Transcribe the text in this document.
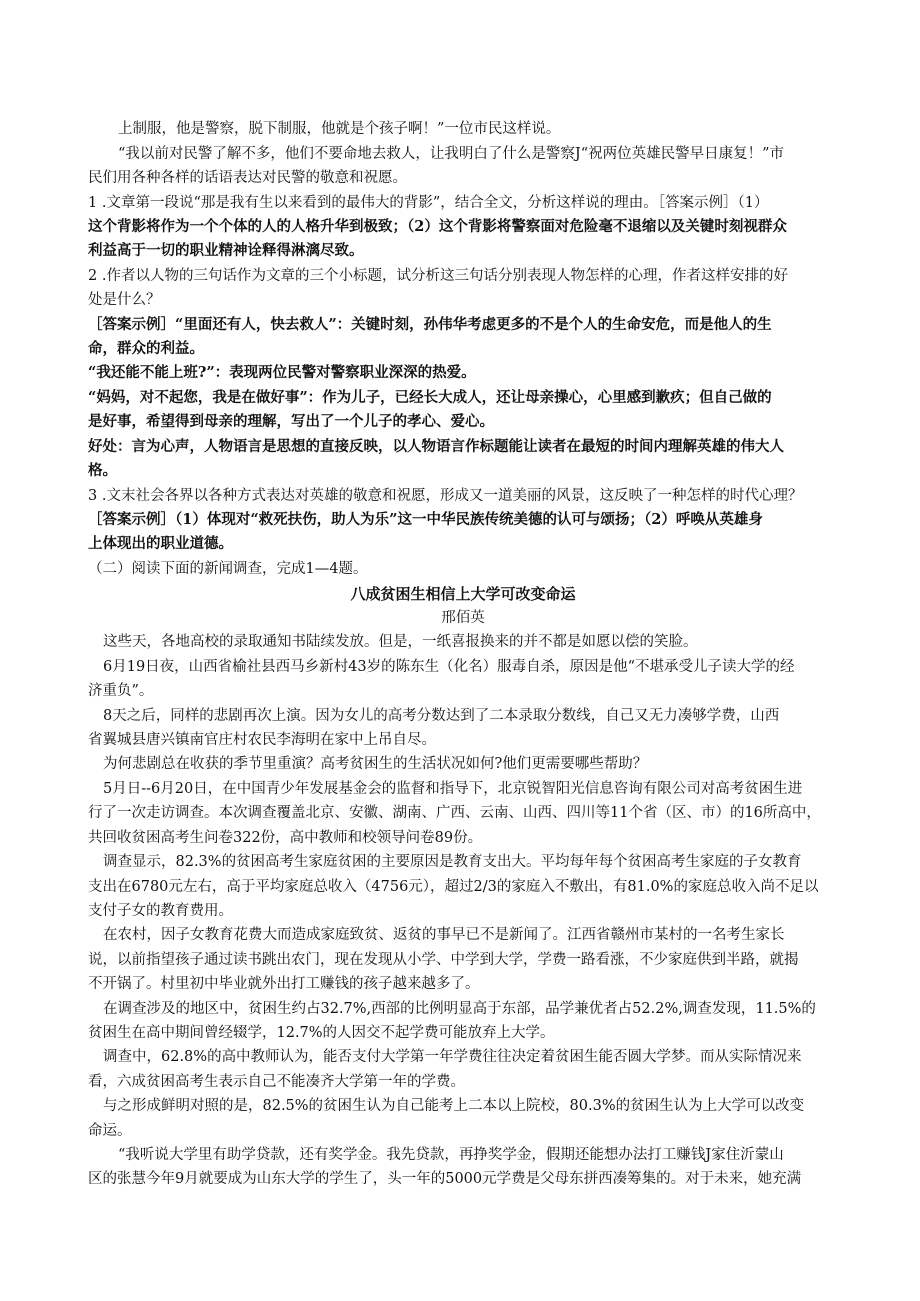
上制服，他是警察，脱下制服，他就是个孩子啊！”一位市民这样说。
“我以前对民警了解不多，他们不要命地去救人，让我明白了什么是警察J“祝两位英雄民警早日康复！”市
民们用各种各样的话语表达对民警的敬意和祝愿。
1 .文章第一段说“那是我有生以来看到的最伟大的背影”，结合全文，分析这样说的理由。［答案示例］（1）
这个背影将作为一个个体的人的人格升华到极致；（2）这个背影将警察面对危险毫不退缩以及关键时刻视群众
利益高于一切的职业精神诠释得淋漓尽致。
2 .作者以人物的三句话作为文章的三个小标题，试分析这三句话分别表现人物怎样的心理，作者这样安排的好
处是什么？
［答案示例］“里面还有人，快去救人”：关键时刻，孙伟华考虑更多的不是个人的生命安危，而是他人的生
命，群众的利益。
“我还能不能上班?”：表现两位民警对警察职业深深的热爱。
“妈妈，对不起您，我是在做好事”：作为儿子，已经长大成人，还让母亲操心，心里感到歉疚；但自己做的
是好事，希望得到母亲的理解，写出了一个儿子的孝心、爱心。
好处：言为心声，人物语言是思想的直接反映，以人物语言作标题能让读者在最短的时间内理解英雄的伟大人
格。
3 .文末社会各界以各种方式表达对英雄的敬意和祝愿，形成又一道美丽的风景，这反映了一种怎样的时代心理？
［答案示例］（1）体现对“救死扶伤，助人为乐”这一中华民族传统美德的认可与颂扬；（2）呼唤从英雄身
上体现出的职业道德。
（二）阅读下面的新闻调查，完成1—4题。
八成贫困生相信上大学可改变命运
邢佰英
这些天，各地高校的录取通知书陆续发放。但是，一纸喜报换来的并不都是如愿以偿的笑脸。
6月19日夜，山西省榆社县西马乡新村43岁的陈东生（化名）服毒自杀，原因是他“不堪承受儿子读大学的经
济重负”。
8天之后，同样的悲剧再次上演。因为女儿的高考分数达到了二本录取分数线，自己又无力凑够学费，山西
省翼城县唐兴镇南官庄村农民李海明在家中上吊自尽。
为何悲剧总在收获的季节里重演？高考贫困生的生活状况如何?他们更需要哪些帮助？
5月日--6月20日，在中国青少年发展基金会的监督和指导下，北京锐智阳光信息咨询有限公司对高考贫困生进
行了一次走访调查。本次调查覆盖北京、安徽、湖南、广西、云南、山西、四川等11个省（区、市）的16所高中，
共回收贫困高考生问卷322份，高中教师和校领导问卷89份。
调查显示，82.3%的贫困高考生家庭贫困的主要原因是教育支出大。平均每年每个贫困高考生家庭的子女教育
支出在6780元左右，高于平均家庭总收入（4756元），超过2/3的家庭入不敷出，有81.0%的家庭总收入尚不足以
支付子女的教育费用。
在农村，因子女教育花费大而造成家庭致贫、返贫的事早已不是新闻了。江西省赣州市某村的一名考生家长
说，以前指望孩子通过读书跳出农门，现在发现从小学、中学到大学，学费一路看涨，不少家庭供到半路，就揭
不开锅了。村里初中毕业就外出打工赚钱的孩子越来越多了。
在调查涉及的地区中，贫困生约占32.7%,西部的比例明显高于东部，品学兼优者占52.2%,调查发现，11.5%的
贫困生在高中期间曾经辍学，12.7%的人因交不起学费可能放弃上大学。
调查中，62.8%的高中教师认为，能否支付大学第一年学费往往决定着贫困生能否圆大学梦。而从实际情况来
看，六成贫困高考生表示自己不能凑齐大学第一年的学费。
与之形成鲜明对照的是，82.5%的贫困生认为自己能考上二本以上院校，80.3%的贫困生认为上大学可以改变
命运。
“我听说大学里有助学贷款，还有奖学金。我先贷款，再挣奖学金，假期还能想办法打工赚钱J家住沂蒙山
区的张慧今年9月就要成为山东大学的学生了，头一年的5000元学费是父母东拼西凑筹集的。对于未来，她充满
